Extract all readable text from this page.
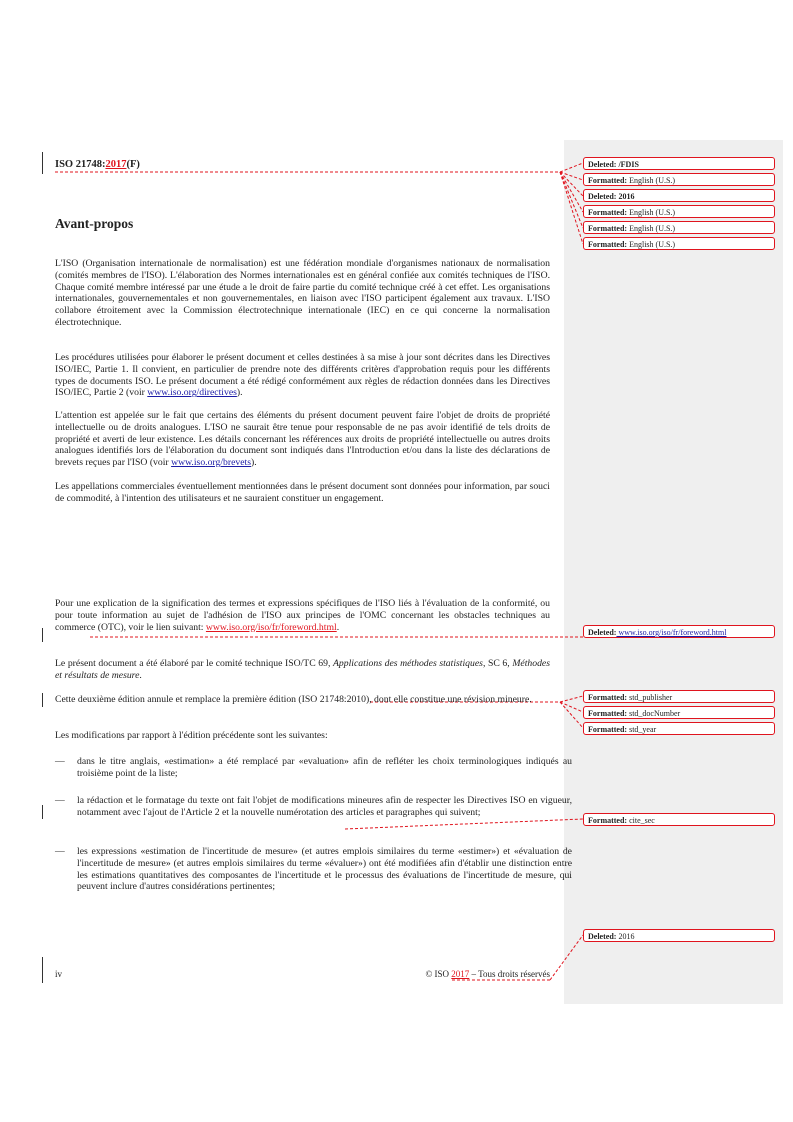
ISO 21748:2017(F)
Avant-propos
L'ISO (Organisation internationale de normalisation) est une fédération mondiale d'organismes nationaux de normalisation (comités membres de l'ISO). L'élaboration des Normes internationales est en général confiée aux comités techniques de l'ISO. Chaque comité membre intéressé par une étude a le droit de faire partie du comité technique créé à cet effet. Les organisations internationales, gouvernementales et non gouvernementales, en liaison avec l'ISO participent également aux travaux. L'ISO collabore étroitement avec la Commission électrotechnique internationale (IEC) en ce qui concerne la normalisation électrotechnique.
Les procédures utilisées pour élaborer le présent document et celles destinées à sa mise à jour sont décrites dans les Directives ISO/IEC, Partie 1. Il convient, en particulier de prendre note des différents critères d'approbation requis pour les différents types de documents ISO. Le présent document a été rédigé conformément aux règles de rédaction données dans les Directives ISO/IEC, Partie 2 (voir www.iso.org/directives).
L'attention est appelée sur le fait que certains des éléments du présent document peuvent faire l'objet de droits de propriété intellectuelle ou de droits analogues. L'ISO ne saurait être tenue pour responsable de ne pas avoir identifié de tels droits de propriété et averti de leur existence. Les détails concernant les références aux droits de propriété intellectuelle ou autres droits analogues identifiés lors de l'élaboration du document sont indiqués dans l'Introduction et/ou dans la liste des déclarations de brevets reçues par l'ISO (voir www.iso.org/brevets).
Les appellations commerciales éventuellement mentionnées dans le présent document sont données pour information, par souci de commodité, à l'intention des utilisateurs et ne sauraient constituer un engagement.
Pour une explication de la signification des termes et expressions spécifiques de l'ISO liés à l'évaluation de la conformité, ou pour toute information au sujet de l'adhésion de l'ISO aux principes de l'OMC concernant les obstacles techniques au commerce (OTC), voir le lien suivant: www.iso.org/iso/fr/foreword.html.
Le présent document a été élaboré par le comité technique ISO/TC 69, Applications des méthodes statistiques, SC 6, Méthodes et résultats de mesure.
Cette deuxième édition annule et remplace la première édition (ISO 21748:2010), dont elle constitue une révision mineure.
Les modifications par rapport à l'édition précédente sont les suivantes:
— dans le titre anglais, «estimation» a été remplacé par «evaluation» afin de refléter les choix terminologiques indiqués au troisième point de la liste;
— la rédaction et le formatage du texte ont fait l'objet de modifications mineures afin de respecter les Directives ISO en vigueur, notamment avec l'ajout de l'Article 2 et la nouvelle numérotation des articles et paragraphes qui suivent;
— les expressions «estimation de l'incertitude de mesure» (et autres emplois similaires du terme «estimer») et «évaluation de l'incertitude de mesure» (et autres emplois similaires du terme «évaluer») ont été modifiées afin d'établir une distinction entre les estimations quantitatives des composantes de l'incertitude et le processus des évaluations de l'incertitude de mesure, qui peuvent inclure d'autres considérations pertinentes;
iv	© ISO 2017 – Tous droits réservés
Deleted: /FDIS
Formatted: English (U.S.)
Deleted: 2016
Formatted: English (U.S.)
Formatted: English (U.S.)
Formatted: English (U.S.)
Deleted: www.iso.org/iso/fr/foreword.html
Formatted: std_publisher
Formatted: std_docNumber
Formatted: std_year
Formatted: cite_sec
Deleted: 2016
